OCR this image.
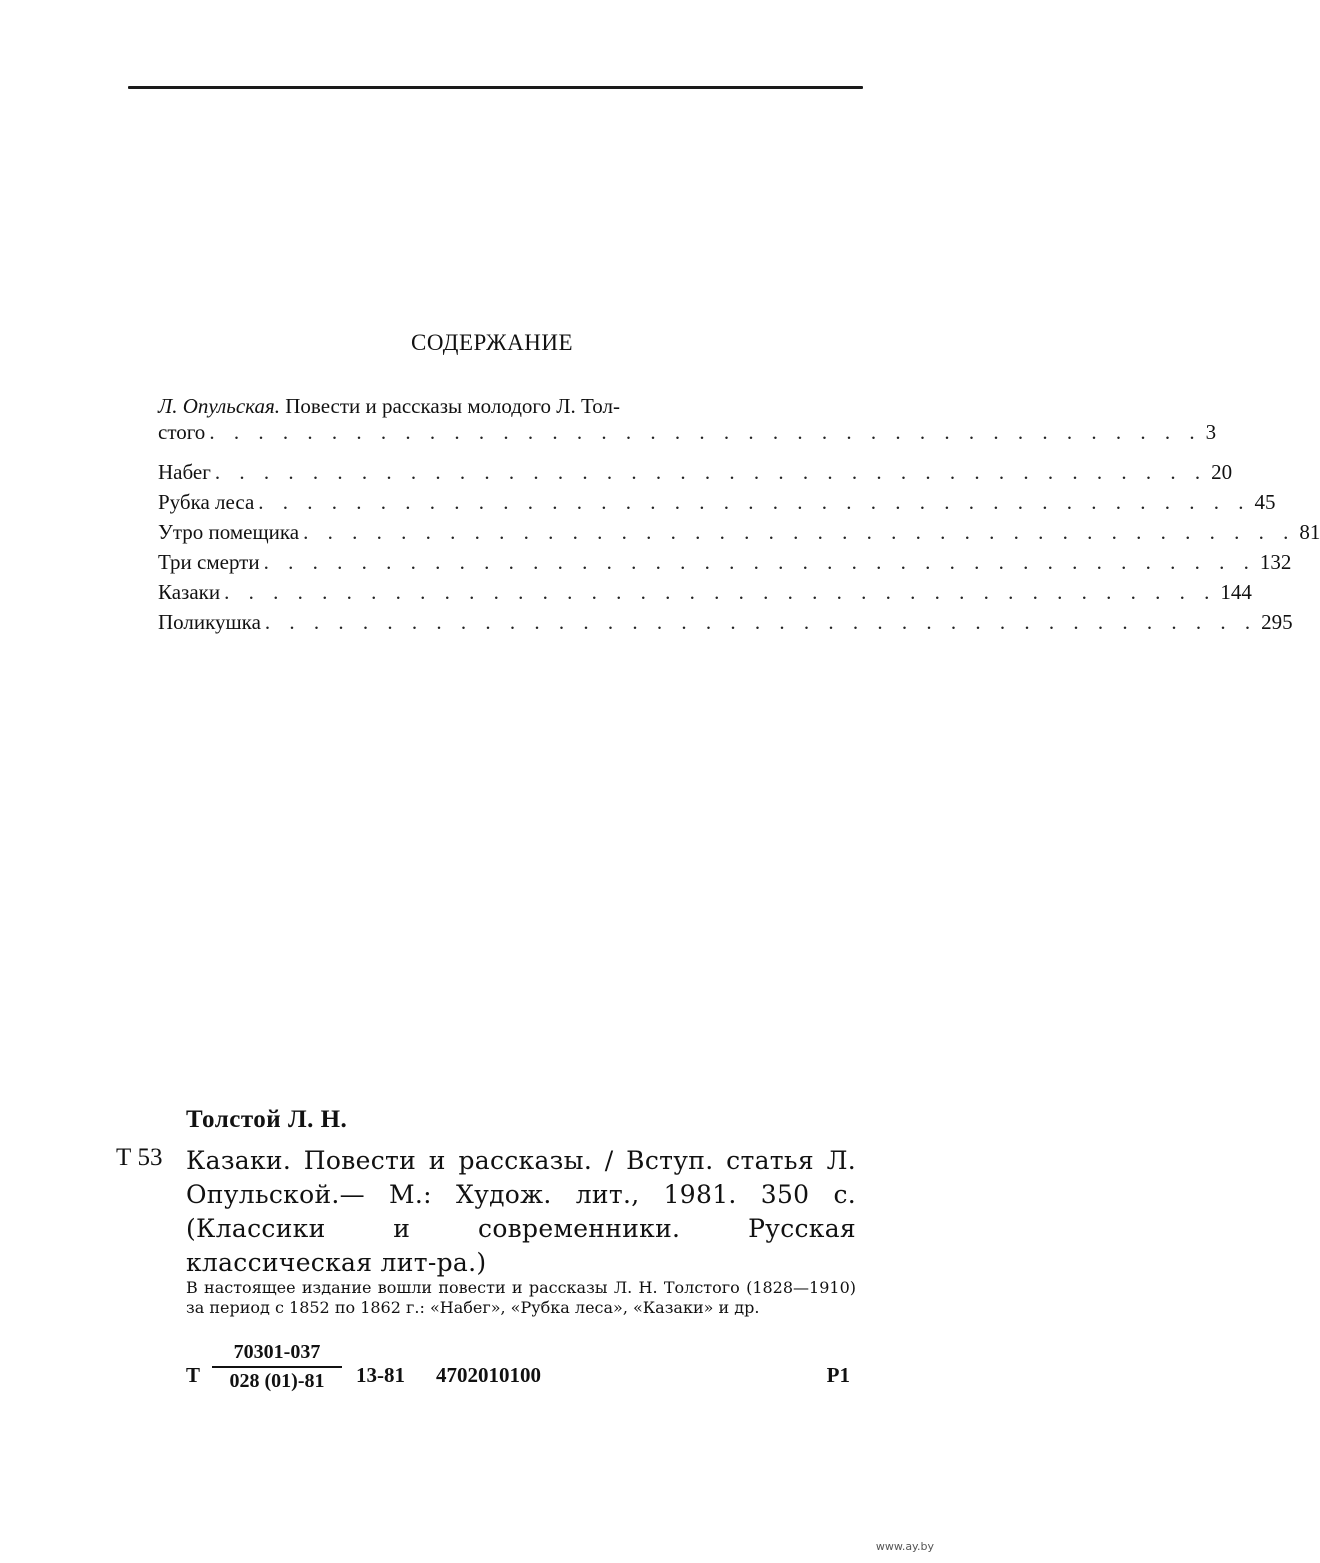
СОДЕРЖАНИЕ
Л. Опульская. Повести и рассказы молодого Л. Тол-
стого . . . . . . . . . . . . . . . . . . . . . . . . . . . . . . . . . . . . . . . . . 3
Набег . . . . . . . . . . . . . . . . . . . . . . . . . . . . . . . . . . . . . . . . . 20
Рубка леса . . . . . . . . . . . . . . . . . . . . . . . . . . . . . . . . . . . . . . . . . 45
Утро помещика . . . . . . . . . . . . . . . . . . . . . . . . . . . . . . . . . . . . . . . . . 81
Три смерти . . . . . . . . . . . . . . . . . . . . . . . . . . . . . . . . . . . . . . . . . 132
Казаки . . . . . . . . . . . . . . . . . . . . . . . . . . . . . . . . . . . . . . . . . 144
Поликушка . . . . . . . . . . . . . . . . . . . . . . . . . . . . . . . . . . . . . . . . . 295
Толстой Л. Н.
Т 53 Казаки. Повести и рассказы. / Вступ. статья Л. Опульской.— М.: Худож. лит., 1981. 350 с. (Классики и современники. Русская классическая лит-ра.)
В настоящее издание вошли повести и рассказы Л. Н. Толстого (1828—1910) за период с 1852 по 1862 г.: «Набег», «Рубка леса», «Казаки» и др.
Т $\frac{70301-037}{028 (01)-81} 13-81$ 4702010100	Р1
www.ay.by
